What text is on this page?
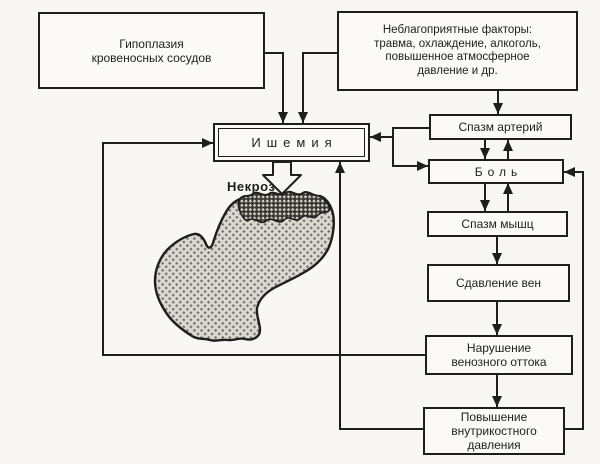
Гипоплазия
кровеносных сосудов
Неблагоприятные факторы:
травма, охлаждение, алкоголь,
повышенное атмосферное
давление и др.
Ишемия
Некроз
Спазм артерий
Боль
Спазм мышц
Сдавление вен
Нарушение
венозного оттока
Повышение
внутрикостного
давления
